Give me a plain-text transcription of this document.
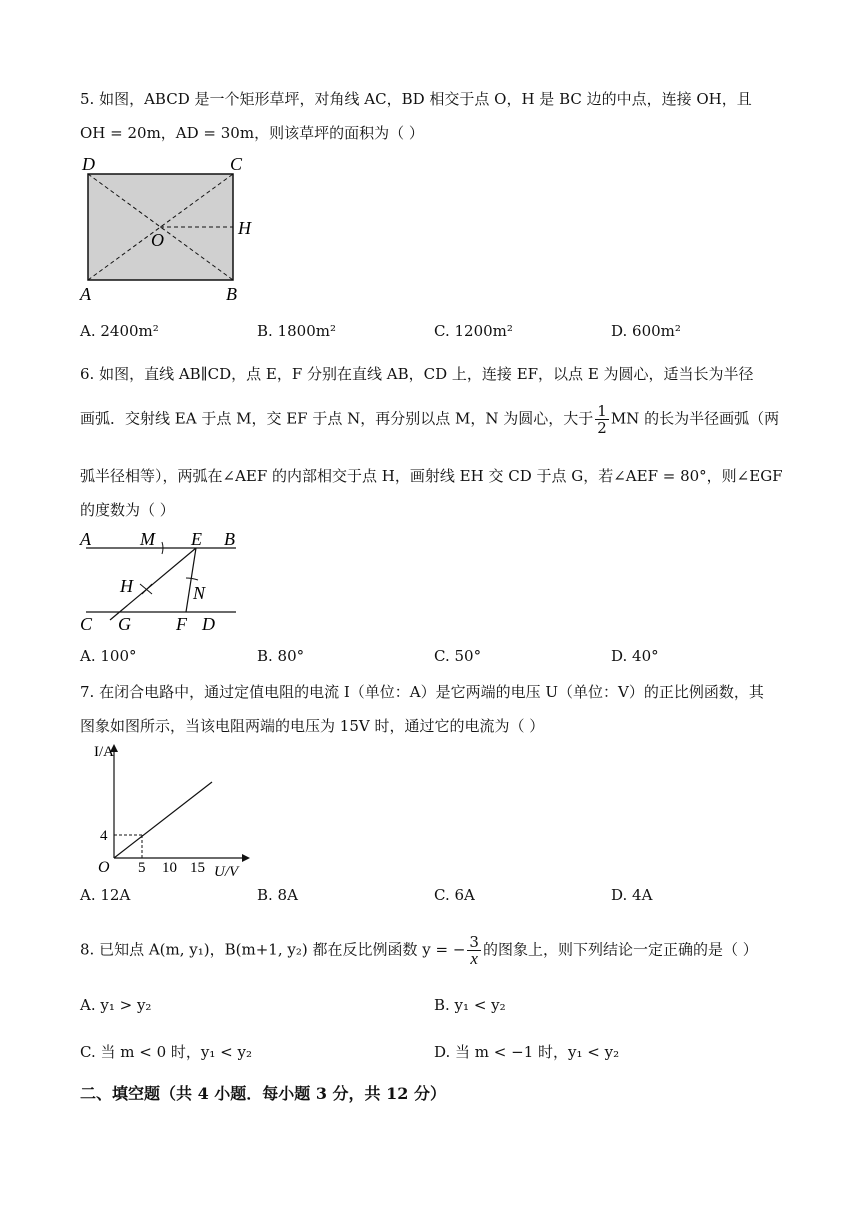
5. 如图，ABCD 是一个矩形草坪，对角线 AC，BD 相交于点 O，H 是 BC 边的中点，连接 OH，且
OH = 20m，AD = 30m，则该草坪的面积为（ ）
D	C
O
H
A	B
A. 2400m²	B. 1800m²	C. 1200m²	D. 600m²
6. 如图，直线 AB∥CD，点 E，F 分别在直线 AB，CD 上，连接 EF，以点 E 为圆心，适当长为半径
画弧．交射线 EA 于点 M，交 EF 于点 N，再分别以点 M，N 为圆心，大于 $\frac{1}{2}$ MN 的长为半径画弧（两
弧半径相等），两弧在∠AEF 的内部相交于点 H，画射线 EH 交 CD 于点 G，若∠AEF = 80°，则∠EGF
的度数为（ ）
A	M E B
H	N
C G	F D
A. 100°	B. 80°	C. 50°	D. 40°
7. 在闭合电路中，通过定值电阻的电流 I（单位：A）是它两端的电压 U（单位：V）的正比例函数，其
图象如图所示，当该电阻两端的电压为 15V 时，通过它的电流为（ ）
I/A
4
O 5 10 15 U/V
A. 12A	B. 8A	C. 6A	D. 4A
8. 已知点 A(m, y₁)，B(m+1, y₂) 都在反比例函数 y = − $\frac{3}{x}$ 的图象上，则下列结论一定正确的是（ ）
A. y₁ > y₂	B. y₁ < y₂
C. 当 m < 0 时，y₁ < y₂	D. 当 m < −1 时，y₁ < y₂
二、填空题（共 4 小题．每小题 3 分，共 12 分）
